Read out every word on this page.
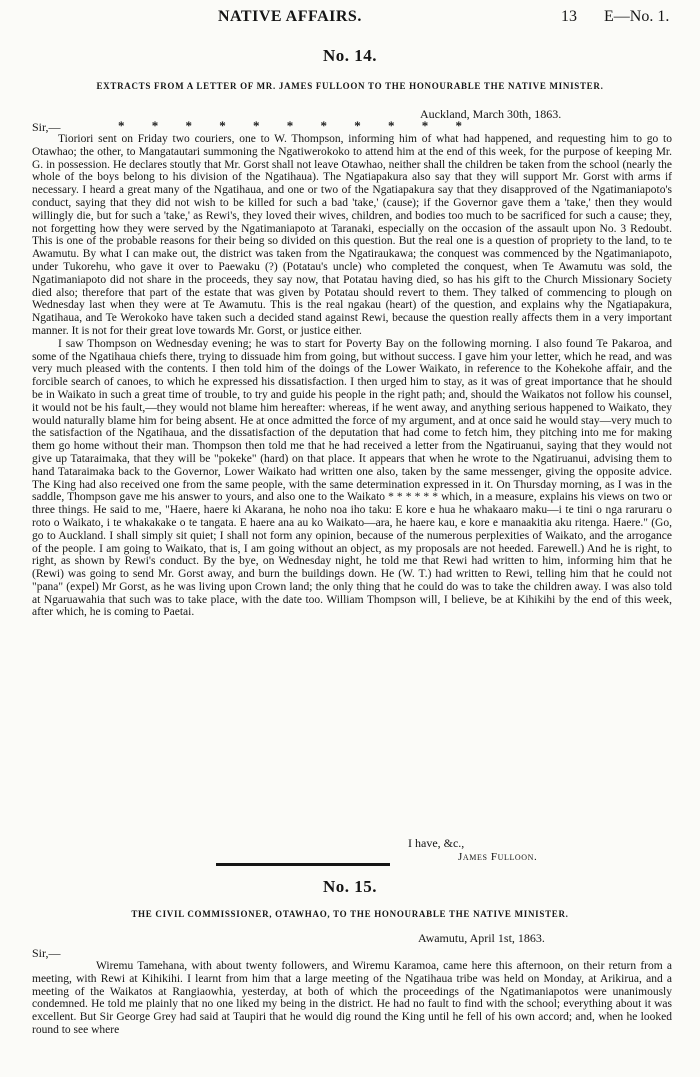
NATIVE AFFAIRS.	13 E—No. 1.
No. 14.
EXTRACTS FROM A LETTER OF MR. JAMES FULLOON TO THE HONOURABLE THE NATIVE MINISTER.
Auckland, March 30th, 1863.
Sir,—	* * * * * * * * * * *

Tioriori sent on Friday two couriers, one to W. Thompson, informing him of what had happened, and requesting him to go to Otawhao; the other, to Mangatautari summoning the Ngatiwerokoko to attend him at the end of this week, for the purpose of keeping Mr. G. in possession. He declares stoutly that Mr. Gorst shall not leave Otawhao, neither shall the children be taken from the school (nearly the whole of the boys belong to his division of the Ngatihaua). The Ngatiapakura also say that they will support Mr. Gorst with arms if necessary. I heard a great many of the Ngatihaua, and one or two of the Ngatiapakura say that they disapproved of the Ngatimaniapoto's conduct, saying that they did not wish to be killed for such a bad 'take,' (cause); if the Governor gave them a 'take,' then they would willingly die, but for such a 'take,' as Rewi's, they loved their wives, children, and bodies too much to be sacrificed for such a cause; they, not forgetting how they were served by the Ngatimaniapoto at Taranaki, especially on the occasion of the assault upon No. 3 Redoubt. This is one of the probable reasons for their being so divided on this question. But the real one is a question of propriety to the land, to te Awamutu. By what I can make out, the district was taken from the Ngatiraukawa; the conquest was commenced by the Ngatimaniapoto, under Tukorehu, who gave it over to Paewaku (?) (Potatau's uncle) who completed the conquest, when Te Awamutu was sold, the Ngatimaniapoto did not share in the proceeds, they say now, that Potatau having died, so has his gift to the Church Missionary Society died also; therefore that part of the estate that was given by Potatau should revert to them. They talked of commencing to plough on Wednesday last when they were at Te Awamutu. This is the real ngakau (heart) of the question, and explains why the Ngatiapakura, Ngatihaua, and Te Werokoko have taken such a decided stand against Rewi, because the question really affects them in a very important manner. It is not for their great love towards Mr. Gorst, or justice either.

I saw Thompson on Wednesday evening; he was to start for Poverty Bay on the following morning. I also found Te Pakaroa, and some of the Ngatihaua chiefs there, trying to dissuade him from going, but without success. I gave him your letter, which he read, and was very much pleased with the contents. I then told him of the doings of the Lower Waikato, in reference to the Kohekohe affair, and the forcible search of canoes, to which he expressed his dissatisfaction. I then urged him to stay, as it was of great importance that he should be in Waikato in such a great time of trouble, to try and guide his people in the right path; and, should the Waikatos not follow his counsel, it would not be his fault,—they would not blame him hereafter: whereas, if he went away, and anything serious happened to Waikato, they would naturally blame him for being absent. He at once admitted the force of my argument, and at once said he would stay—very much to the satisfaction of the Ngatihaua, and the dissatisfaction of the deputation that had come to fetch him, they pitching into me for making them go home without their man. Thompson then told me that he had received a letter from the Ngatiruanui, saying that they would not give up Tataraimaka, that they will be "pokeke" (hard) on that place. It appears that when he wrote to the Ngatiruanui, advising them to hand Tataraimaka back to the Governor, Lower Waikato had written one also, taken by the same messenger, giving the opposite advice. The King had also received one from the same people, with the same determination expressed in it. On Thursday morning, as I was in the saddle, Thompson gave me his answer to yours, and also one to the Waikato * * * * * * which, in a measure, explains his views on two or three things. He said to me, "Haere, haere ki Akarana, he noho noa iho taku: E kore e hua he whakaaro maku—i te tini o nga raruraru o roto o Waikato, i te whakakake o te tangata. E haere ana au ko Waikato—ara, he haere kau, e kore e manaakitia aku ritenga. Haere." (Go, go to Auckland. I shall simply sit quiet; I shall not form any opinion, because of the numerous perplexities of Waikato, and the arrogance of the people. I am going to Waikato, that is, I am going without an object, as my proposals are not heeded. Farewell.) And he is right, to right, as shown by Rewi's conduct. By the bye, on Wednesday night, he told me that Rewi had written to him, informing him that he (Rewi) was going to send Mr. Gorst away, and burn the buildings down. He (W. T.) had written to Rewi, telling him that he could not "pana" (expel) Mr Gorst, as he was living upon Crown land; the only thing that he could do was to take the children away. I was also told at Ngaruawahia that such was to take place, with the date too. William Thompson will, I believe, be at Kihikihi by the end of this week, after which, he is coming to Paetai.

I have, &c.,
James Fulloon.
No. 15.
THE CIVIL COMMISSIONER, OTAWHAO, TO THE HONOURABLE THE NATIVE MINISTER.
Awamutu, April 1st, 1863.
Sir,—

Wiremu Tamehana, with about twenty followers, and Wiremu Karamoa, came here this afternoon, on their return from a meeting, with Rewi at Kihikihi. I learnt from him that a large meeting of the Ngatihaua tribe was held on Monday, at Arikirua, and a meeting of the Waikatos at Rangiaowhia, yesterday, at both of which the proceedings of the Ngatimaniapotos were unanimously condemned. He told me plainly that no one liked my being in the district. He had no fault to find with the school; everything about it was excellent. But Sir George Grey had said at Taupiri that he would dig round the King until he fell of his own accord; and, when he looked round to see where
